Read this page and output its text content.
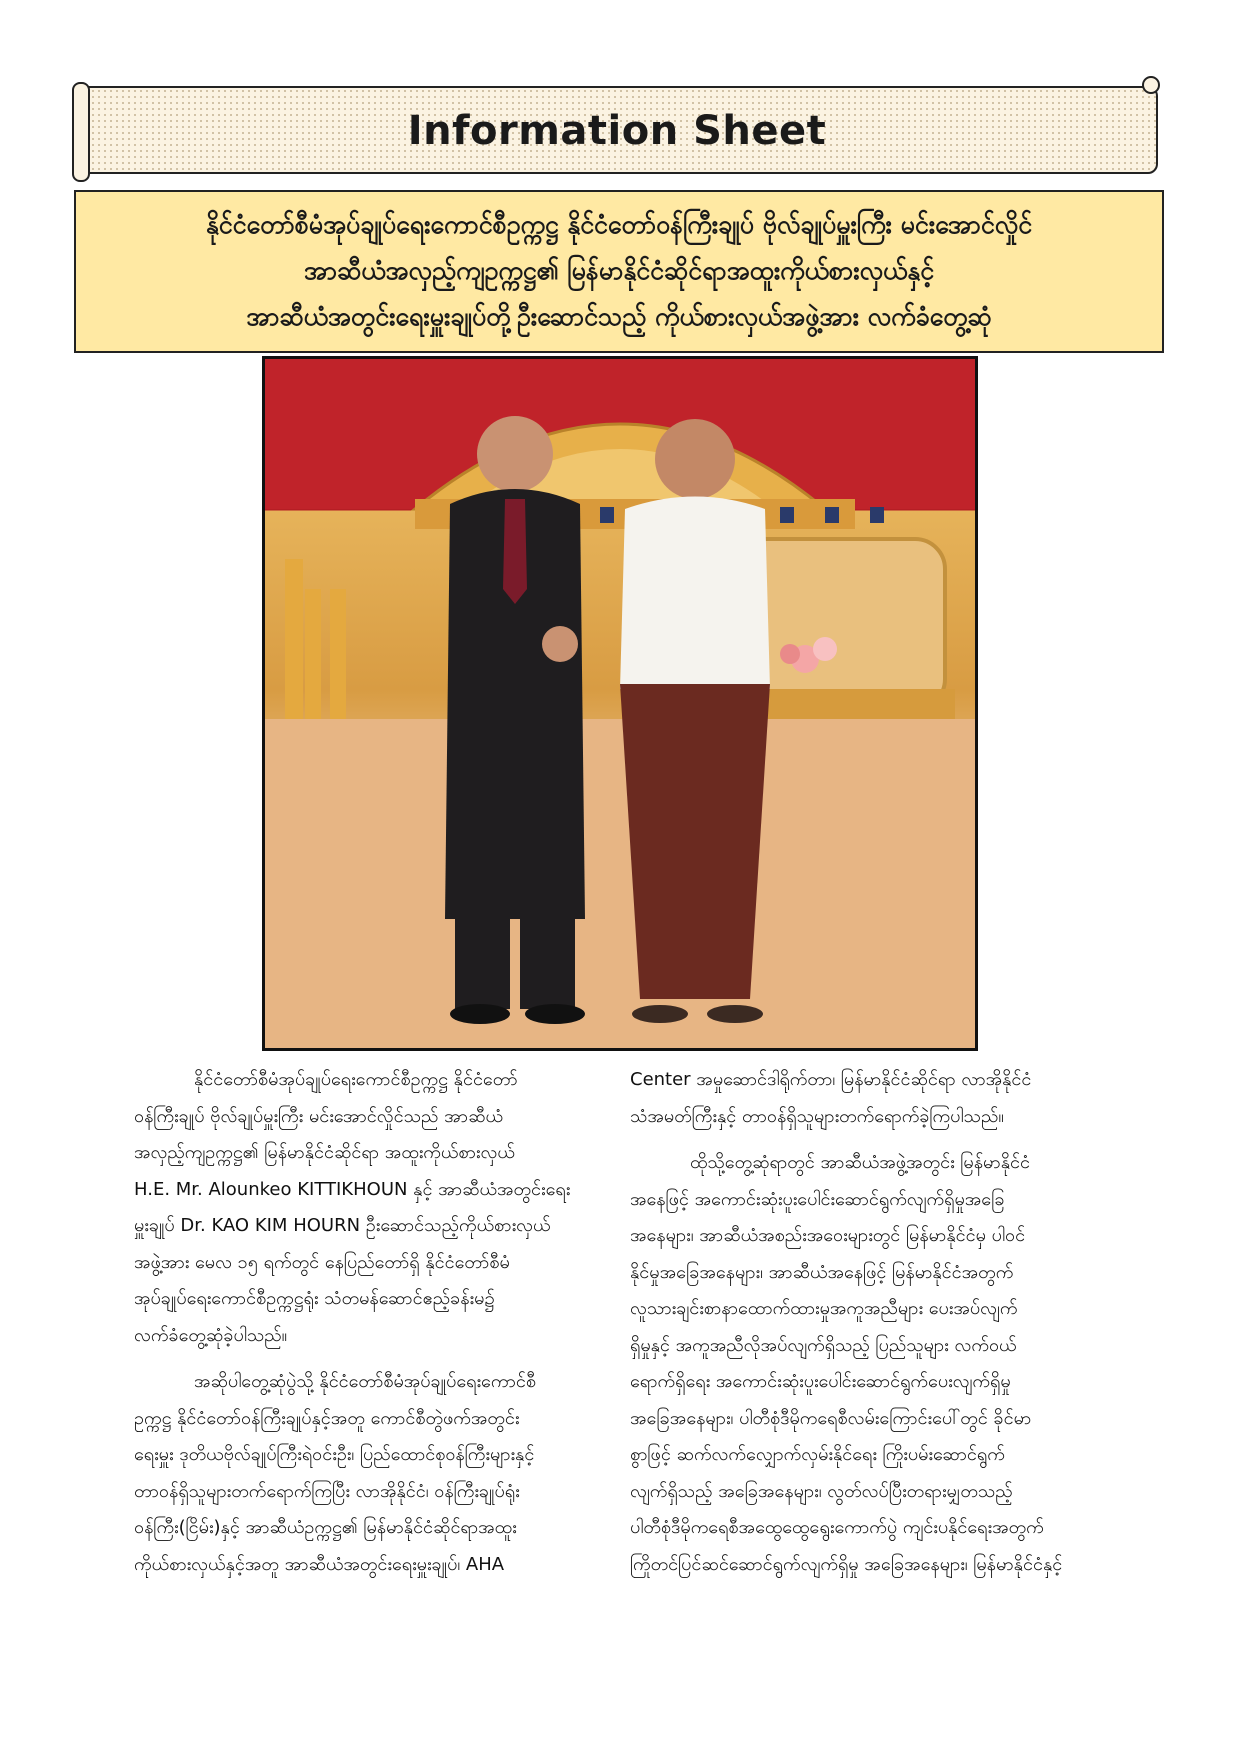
Information Sheet
နိုင်ငံတော်စီမံအုပ်ချုပ်ရေးကောင်စီဥက္ကဋ္ဌ နိုင်ငံတော်ဝန်ကြီးချုပ် ဗိုလ်ချုပ်မှူးကြီး မင်းအောင်လှိုင်
အာဆီယံအလှည့်ကျဥက္ကဋ္ဌ၏ မြန်မာနိုင်ငံဆိုင်ရာအထူးကိုယ်စားလှယ်နှင့်
အာဆီယံအတွင်းရေးမှူးချုပ်တို့ဦးဆောင်သည့် ကိုယ်စားလှယ်အဖွဲ့အား လက်ခံတွေ့ဆုံ

နိုင်ငံတော်စီမံအုပ်ချုပ်ရေးကောင်စီဥက္ကဋ္ဌ နိုင်ငံတော်
ဝန်ကြီးချုပ် ဗိုလ်ချုပ်မှူးကြီး မင်းအောင်လှိုင်သည် အာဆီယံ
အလှည့်ကျဥက္ကဋ္ဌ၏ မြန်မာနိုင်ငံဆိုင်ရာ အထူးကိုယ်စားလှယ်
H.E. Mr. Alounkeo KITTIKHOUN နှင့် အာဆီယံအတွင်းရေး
မှူးချုပ် Dr. KAO KIM HOURN ဦးဆောင်သည့်ကိုယ်စားလှယ်
အဖွဲ့အား မေလ ၁၅ ရက်တွင် နေပြည်တော်ရှိ နိုင်ငံတော်စီမံ
အုပ်ချုပ်ရေးကောင်စီဥက္ကဋ္ဌရုံး သံတမန်ဆောင်ဧည့်ခန်းမ၌
လက်ခံတွေ့ဆုံခဲ့ပါသည်။

အဆိုပါတွေ့ဆုံပွဲသို့ နိုင်ငံတော်စီမံအုပ်ချုပ်ရေးကောင်စီ
ဥက္ကဋ္ဌ နိုင်ငံတော်ဝန်ကြီးချုပ်နှင့်အတူ ကောင်စီတွဲဖက်အတွင်း
ရေးမှူး ဒုတိယဗိုလ်ချုပ်ကြီးရဲဝင်းဦး၊ ပြည်ထောင်စုဝန်ကြီးများနှင့်
တာဝန်ရှိသူများတက်ရောက်ကြပြီး လာအိုနိုင်ငံ၊ ဝန်ကြီးချုပ်ရုံး
ဝန်ကြီး(ငြိမ်း)နှင့် အာဆီယံဥက္ကဋ္ဌ၏ မြန်မာနိုင်ငံဆိုင်ရာအထူး
ကိုယ်စားလှယ်နှင့်အတူ အာဆီယံအတွင်းရေးမှူးချုပ်၊ AHA

Center အမှုဆောင်ဒါရိုက်တာ၊ မြန်မာနိုင်ငံဆိုင်ရာ လာအိုနိုင်ငံ
သံအမတ်ကြီးနှင့် တာဝန်ရှိသူများတက်ရောက်ခဲ့ကြပါသည်။

ထိုသို့တွေ့ဆုံရာတွင် အာဆီယံအဖွဲ့အတွင်း မြန်မာနိုင်ငံ
အနေဖြင့် အကောင်းဆုံးပူးပေါင်းဆောင်ရွက်လျက်ရှိမှုအခြေ
အနေများ၊ အာဆီယံအစည်းအဝေးများတွင် မြန်မာနိုင်ငံမှ ပါဝင်
နိုင်မှုအခြေအနေများ၊ အာဆီယံအနေဖြင့် မြန်မာနိုင်ငံအတွက်
လူသားချင်းစာနာထောက်ထားမှုအကူအညီများ ပေးအပ်လျက်
ရှိမှုနှင့် အကူအညီလိုအပ်လျက်ရှိသည့် ပြည်သူများ လက်ဝယ်
ရောက်ရှိရေး အကောင်းဆုံးပူးပေါင်းဆောင်ရွက်ပေးလျက်ရှိမှု
အခြေအနေများ၊ ပါတီစုံဒီမိုကရေစီလမ်းကြောင်းပေါ်တွင် ခိုင်မာ
စွာဖြင့် ဆက်လက်လျှောက်လှမ်းနိုင်ရေး ကြိုးပမ်းဆောင်ရွက်
လျက်ရှိသည့် အခြေအနေများ၊ လွတ်လပ်ပြီးတရားမျှတသည့်
ပါတီစုံဒီမိုကရေစီအထွေထွေရွေးကောက်ပွဲ ကျင်းပနိုင်ရေးအတွက်
ကြိုတင်ပြင်ဆင်ဆောင်ရွက်လျက်ရှိမှု အခြေအနေများ၊ မြန်မာနိုင်ငံနှင့်
